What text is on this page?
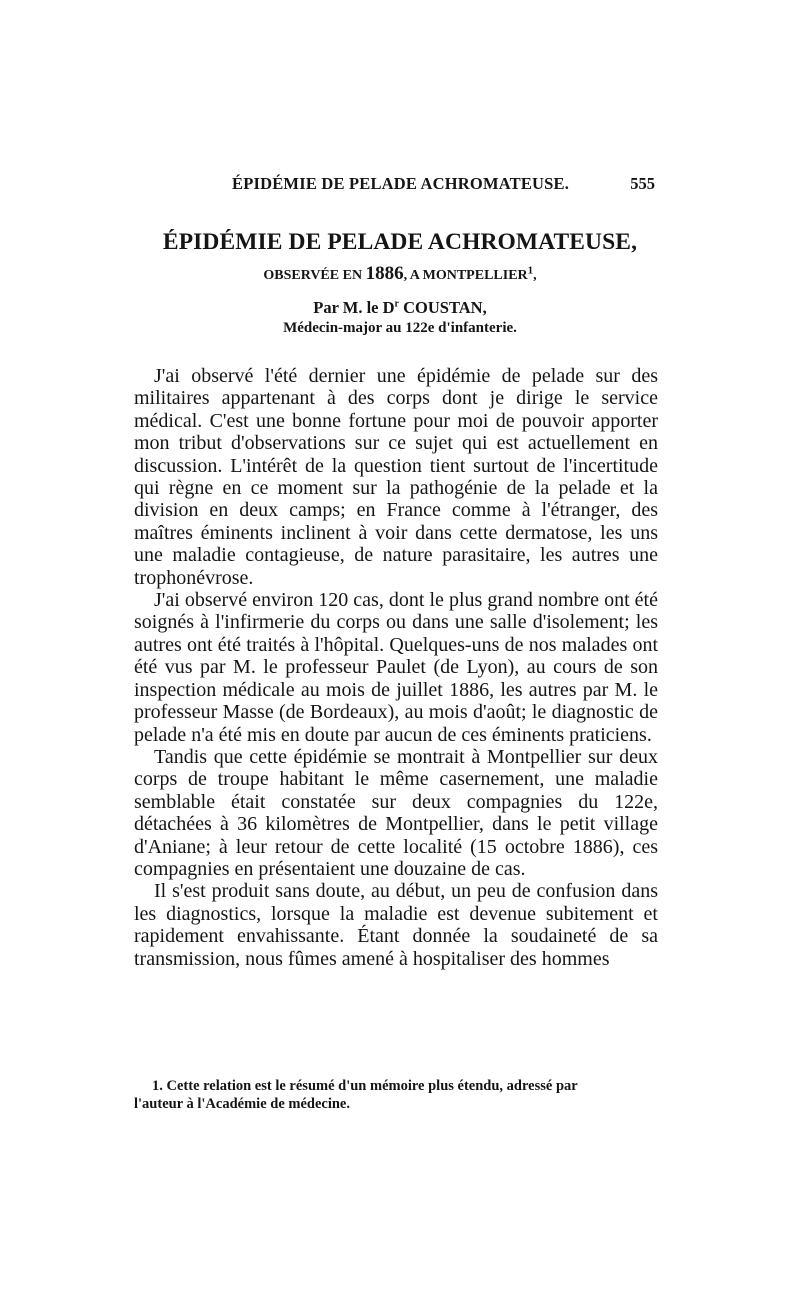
ÉPIDÉMIE DE PELADE ACHROMATEUSE.	555
ÉPIDÉMIE DE PELADE ACHROMATEUSE,
OBSERVÉE EN 1886, A MONTPELLIER$^1$,
Par M. le $D^r$ COUSTAN,
Médecin-major au 122e d'infanterie.

J'ai observé l'été dernier une épidémie de pelade sur des militaires appartenant à des corps dont je dirige le service médical. C'est une bonne fortune pour moi de pouvoir apporter mon tribut d'observations sur ce sujet qui est actuellement en discussion. L'intérêt de la question tient surtout de l'incertitude qui règne en ce moment sur la pathogénie de la pelade et la division en deux camps; en France comme à l'étranger, des maîtres éminents inclinent à voir dans cette dermatose, les uns une maladie contagieuse, de nature parasitaire, les autres une trophonévrose.

J'ai observé environ 120 cas, dont le plus grand nombre ont été soignés à l'infirmerie du corps ou dans une salle d'isolement; les autres ont été traités à l'hôpital. Quelques-uns de nos malades ont été vus par M. le professeur Paulet (de Lyon), au cours de son inspection médicale au mois de juillet 1886, les autres par M. le professeur Masse (de Bordeaux), au mois d'août; le diagnostic de pelade n'a été mis en doute par aucun de ces éminents praticiens.

Tandis que cette épidémie se montrait à Montpellier sur deux corps de troupe habitant le même casernement, une maladie semblable était constatée sur deux compagnies du 122e, détachées à 36 kilomètres de Montpellier, dans le petit village d'Aniane; à leur retour de cette localité (15 octobre 1886), ces compagnies en présentaient une douzaine de cas.

Il s'est produit sans doute, au début, un peu de confusion dans les diagnostics, lorsque la maladie est devenue subitement et rapidement envahissante. Étant donnée la soudaineté de sa transmission, nous fûmes amené à hospitaliser des hommes

1. Cette relation est le résumé d'un mémoire plus étendu, adressé par
l'auteur à l'Académie de médecine.
